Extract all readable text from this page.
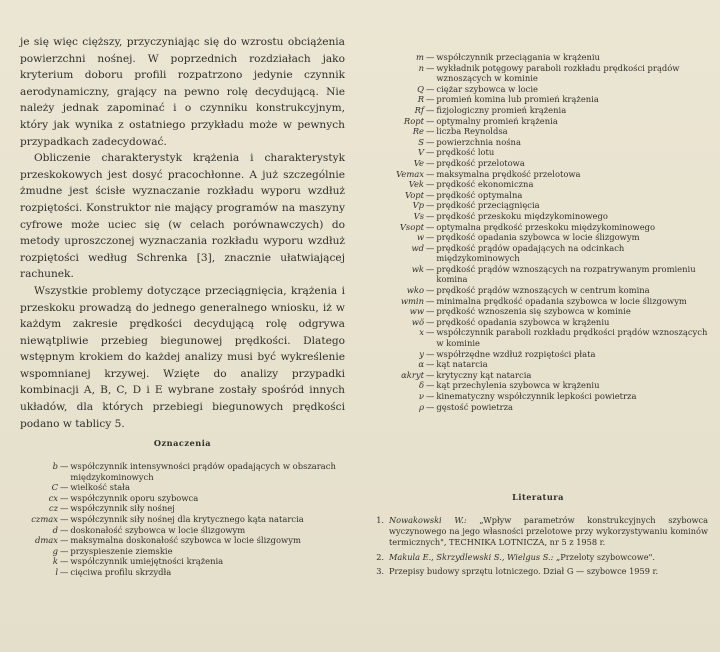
je się więc cięższy, przyczyniając się do wzrostu obciążenia powierzchni nośnej. W poprzednich rozdziałach jako kryterium doboru profili rozpatrzono jedynie czynnik aerodynamiczny, grający na pewno rolę decydującą. Nie należy jednak zapominać i o czynniku konstrukcyjnym, który jak wynika z ostatniego przykładu może w pewnych przypadkach zadecydować.

Obliczenie charakterystyk krążenia i charakterystyk przeskokowych jest dosyć pracochłonne. A już szczególnie żmudne jest ścisłe wyznaczanie rozkładu wyporu wzdłuż rozpiętości. Konstruktor nie mający programów na maszyny cyfrowe może uciec się (w celach porównawczych) do metody uproszczonej wyznaczania rozkładu wyporu wzdłuż rozpiętości według Schrenka [3], znacznie ułatwiającej rachunek.

Wszystkie problemy dotyczące przeciągnięcia, krążenia i przeskoku prowadzą do jednego generalnego wniosku, iż w każdym zakresie prędkości decydującą rolę odgrywa niewątpliwie przebieg biegunowej prędkości. Dlatego wstępnym krokiem do każdej analizy musi być wykreślenie wspomnianej krzywej. Wzięte do analizy przypadki kombinacji A, B, C, D i E wybrane zostały spośród innych układów, dla których przebiegi biegunowych prędkości podano w tablicy 5.

Oznaczenia
b — współczynnik intensywności prądów opadających w obszarach międzykominowych
C — wielkość stała
cx — współczynnik oporu szybowca
cz — współczynnik siły nośnej
czmax — współczynnik siły nośnej dla krytycznego kąta natarcia
d — doskonałość szybowca w locie ślizgowym
dmax — maksymalna doskonałość szybowca w locie ślizgowym
g — przyspieszenie ziemskie
k — współczynnik umiejętności krążenia
l — cięciwa profilu skrzydła
m — współczynnik przeciągania w krążeniu
n — wykładnik potęgowy paraboli rozkładu prędkości prądów wznoszących w kominie
Q — ciężar szybowca w locie
R — promień komina lub promień krążenia
Rf — fizjologiczny promień krążenia
Ropt — optymalny promień krążenia
Re — liczba Reynoldsa
S — powierzchnia nośna
V — prędkość lotu
Ve — prędkość przelotowa
Vemax — maksymalna prędkość przelotowa
Vek — prędkość ekonomiczna
Vopt — prędkość optymalna
Vp — prędkość przeciągnięcia
Vs — prędkość przeskoku międzykominowego
Vsopt — optymalna prędkość przeskoku międzykominowego
w — prędkość opadania szybowca w locie ślizgowym
wd — prędkość prądów opadających na odcinkach międzykominowych
wk — prędkość prądów wznoszących na rozpatrywanym promieniu komina
wko — prędkość prądów wznoszących w centrum komina
wmin — minimalna prędkość opadania szybowca w locie ślizgowym
ww — prędkość wznoszenia się szybowca w kominie
wö — prędkość opadania szybowca w krążeniu
x — współczynnik paraboli rozkładu prędkości prądów wznoszących w kominie
y — współrzędne wzdłuż rozpiętości płata
α — kąt natarcia
αkryt — krytyczny kąt natarcia
δ — kąt przechylenia szybowca w krążeniu
ν — kinematyczny współczynnik lepkości powietrza
ρ — gęstość powietrza
Literatura
1. Nowakowski W.: „Wpływ parametrów konstrukcyjnych szybowca wyczynowego na jego własności przelotowe przy wykorzystywaniu kominów termicznych", TECHNIKA LOTNICZA, nr 5 z 1958 r.
2. Makula E., Skrzydlewski S., Wielgus S.: „Przeloty szybowcowe".
3. Przepisy budowy sprzętu lotniczego. Dział G — szybowce 1959 r.
